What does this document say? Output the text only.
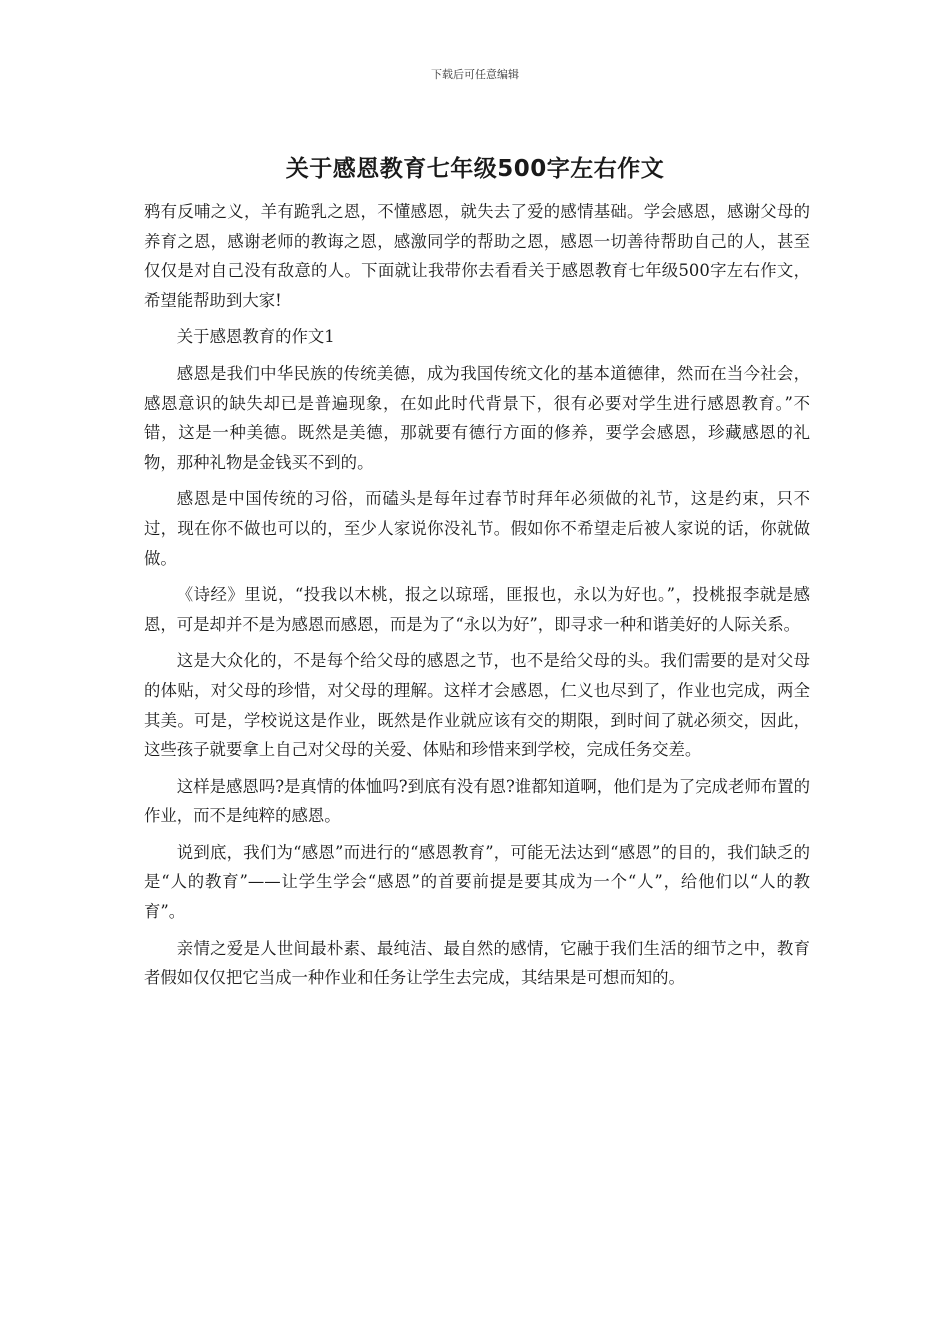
下载后可任意编辑
关于感恩教育七年级500字左右作文

鸦有反哺之义，羊有跪乳之恩，不懂感恩，就失去了爱的感情基础。学会感恩，感谢父母的养育之恩，感谢老师的教诲之恩，感激同学的帮助之恩，感恩一切善待帮助自己的人，甚至仅仅是对自己没有敌意的人。下面就让我带你去看看关于感恩教育七年级500字左右作文，希望能帮助到大家!

关于感恩教育的作文1

感恩是我们中华民族的传统美德，成为我国传统文化的基本道德律，然而在当今社会，感恩意识的缺失却已是普遍现象，在如此时代背景下，很有必要对学生进行感恩教育。”不错，这是一种美德。既然是美德，那就要有德行方面的修养，要学会感恩，珍藏感恩的礼物，那种礼物是金钱买不到的。

感恩是中国传统的习俗，而磕头是每年过春节时拜年必须做的礼节，这是约束，只不过，现在你不做也可以的，至少人家说你没礼节。假如你不希望走后被人家说的话，你就做做。

《诗经》里说，“投我以木桃，报之以琼瑶，匪报也，永以为好也。”，投桃报李就是感恩，可是却并不是为感恩而感恩，而是为了“永以为好”，即寻求一种和谐美好的人际关系。

这是大众化的，不是每个给父母的感恩之节，也不是给父母的头。我们需要的是对父母的体贴，对父母的珍惜，对父母的理解。这样才会感恩，仁义也尽到了，作业也完成，两全其美。可是，学校说这是作业，既然是作业就应该有交的期限，到时间了就必须交，因此，这些孩子就要拿上自己对父母的关爱、体贴和珍惜来到学校，完成任务交差。

这样是感恩吗?是真情的体恤吗?到底有没有恩?谁都知道啊，他们是为了完成老师布置的作业，而不是纯粹的感恩。

说到底，我们为“感恩”而进行的“感恩教育”，可能无法达到“感恩”的目的，我们缺乏的是“人的教育”——让学生学会“感恩”的首要前提是要其成为一个“人”，给他们以“人的教育”。

亲情之爱是人世间最朴素、最纯洁、最自然的感情，它融于我们生活的细节之中，教育者假如仅仅把它当成一种作业和任务让学生去完成，其结果是可想而知的。
